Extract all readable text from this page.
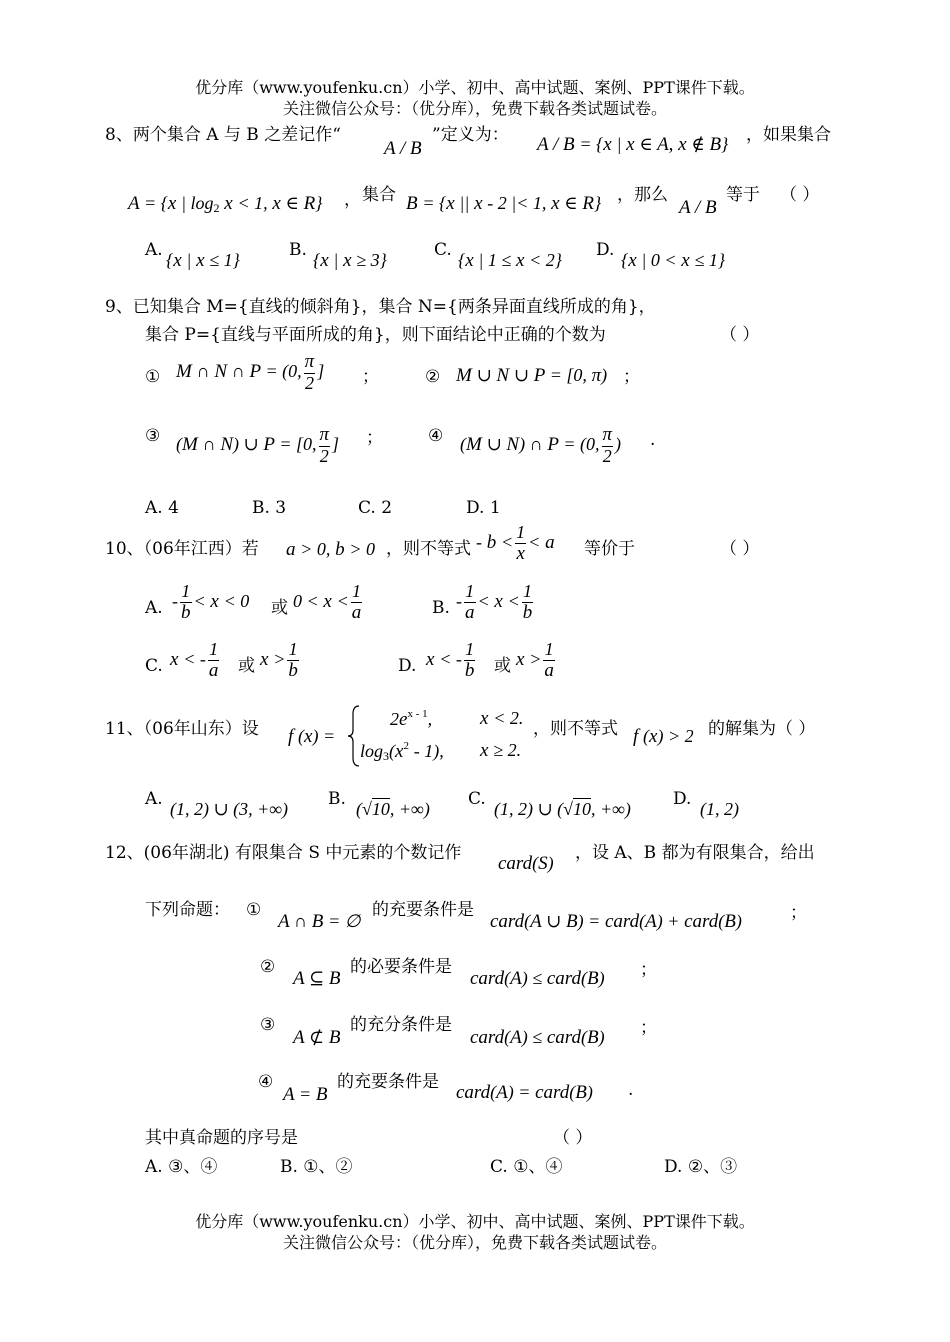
优分库（www.youfenku.cn）小学、初中、高中试题、案例、PPT课件下载。
关注微信公众号：（优分库），免费下载各类试题试卷。
8、两个集合 A 与 B 之差记作“
A / B
”定义为： A / B = {x | x ∈ A, x ∉ B} ，如果集合
A = {x | $\log_2 x < 1$, x ∈ R} ， 集合 B = {x || x - 2 |< 1, x ∈ R} ，那么
A / B
等于 （ ）
A. {x | x ≤ 1}	B. {x | x ≥ 3}	C. {x | 1 ≤ x < 2} D. {x | 0 < x ≤ 1}
9、已知集合 M={直线的倾斜角}，集合 N={两条异面直线所成的角}，
集合 P={直线与平面所成的角}，则下面结论中正确的个数为	（ ）
① M ∩ N ∩ P = (0, $\frac{\pi}{2}$ ] ；	② M ∪ N ∪ P = [0, π) ；
③ (M ∩ N) ∪ P = [0, $\frac{\pi}{2}$ ] ；	④ (M ∪ N) ∩ P = (0, $\frac{\pi}{2}$ ) .
A. 4	B. 3	C. 2	D. 1
10、（06年江西）若 a > 0, b > 0 ，则不等式 - $b < \frac{1}{x} < a$ 等价于	（ ）
A. - $\frac{1}{b} < x < 0$ 或 $0 < x < \frac{1}{a}$	B. - $\frac{1}{a} < x < \frac{1}{b}$
C. x < - $\frac{1}{a}$ 或 $x > \frac{1}{b}$	D. x < - $\frac{1}{b}$ 或 $x > \frac{1}{a}$
11、（06年山东）设 f (x) =
$2e^{x - 1}$,	x < 2.
$\log_3(x^2 - 1)$, x ≥ 2.
，则不等式 f (x) > 2 的解集为（ ）
A. (1, 2) ∪ (3, +∞) B. (√10, +∞) C. (1, 2) ∪ (√10, +∞) D. (1, 2)
12、(06年湖北) 有限集合 S 中元素的个数记作 card(S) ，设 A、B 都为有限集合，给出
下列命题： ①
A ∩ B = ∅
的充要条件是
card(A ∪ B) = card(A) + card(B)	；
②
A ⊆ B
的必要条件是
card(A) ≤ card(B) ；
③
A ⊄ B
的充分条件是
card(A) ≤ card(B) ；
④
A = B
的充要条件是 card(A) = card(B) .
其中真命题的序号是	（ ）
A. ③、④	B. ①、②	C. ①、④	D. ②、③
优分库（www.youfenku.cn）小学、初中、高中试题、案例、PPT课件下载。
关注微信公众号：（优分库），免费下载各类试题试卷。
